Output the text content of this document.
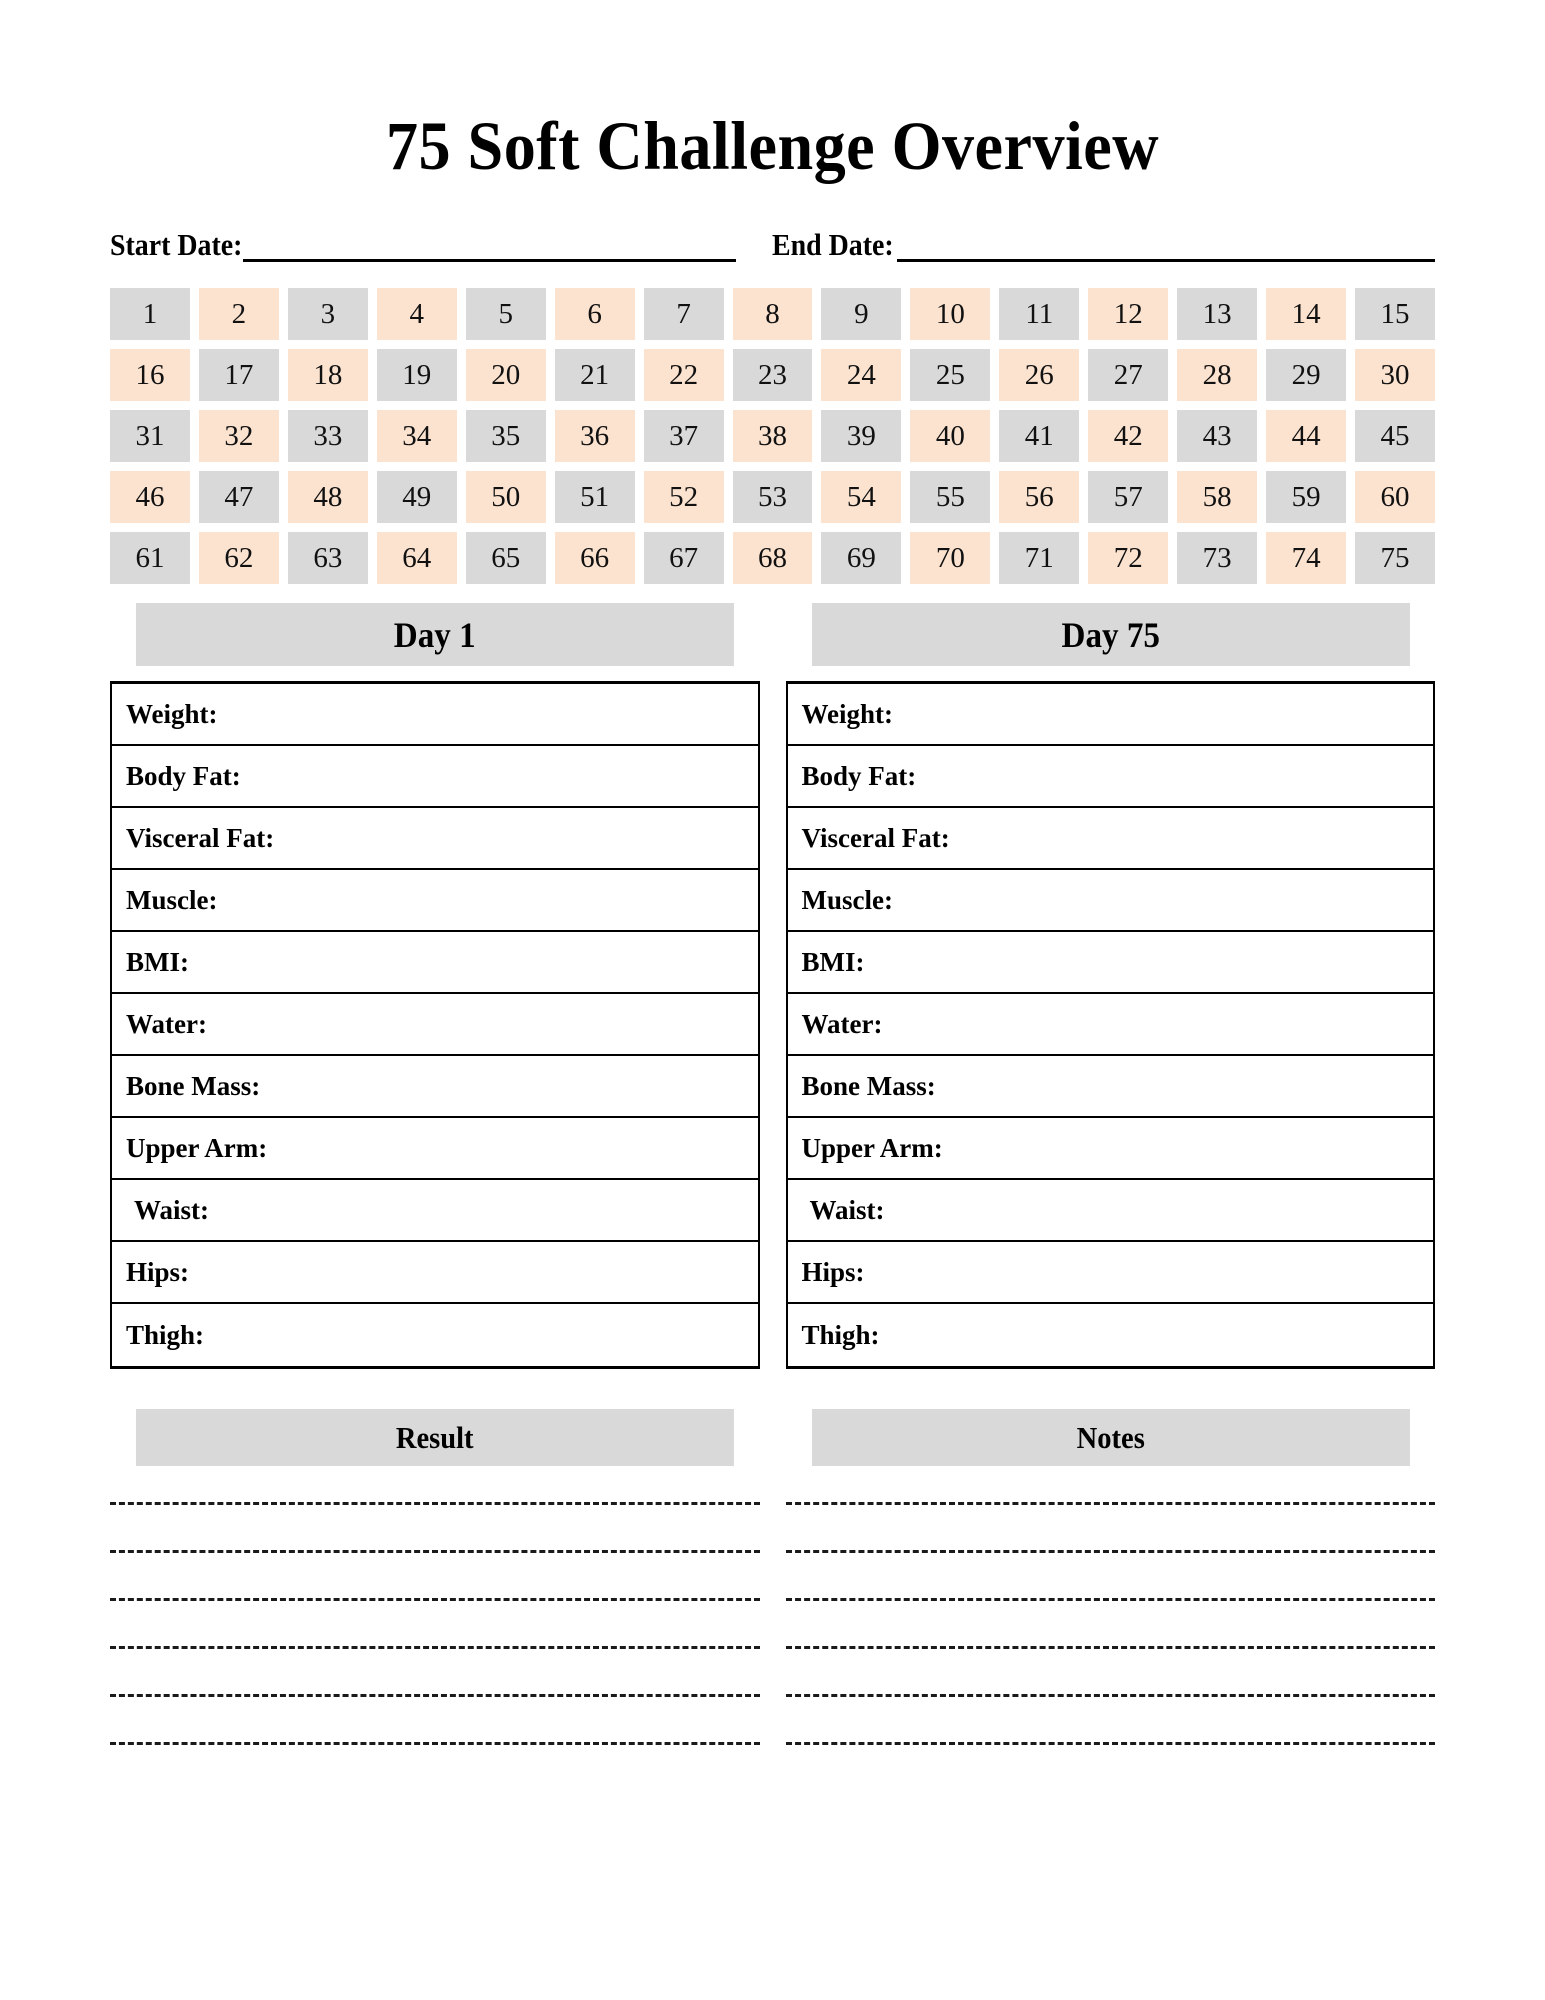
75 Soft Challenge Overview
Start Date:	End Date:
1	2	3	4	5	6	7	8	9	10	11	12	13	14	15
16	17	18	19	20	21	22	23	24	25	26	27	28	29	30
31	32	33	34	35	36	37	38	39	40	41	42	43	44	45
46	47	48	49	50	51	52	53	54	55	56	57	58	59	60
61	62	63	64	65	66	67	68	69	70	71	72	73	74	75
Day 1
Weight:
Body Fat:
Visceral Fat:
Muscle:
BMI:
Water:
Bone Mass:
Upper Arm:
Waist:
Hips:
Thigh:
Day 75
Weight:
Body Fat:
Visceral Fat:
Muscle:
BMI:
Water:
Bone Mass:
Upper Arm:
Waist:
Hips:
Thigh:
Result	Notes
